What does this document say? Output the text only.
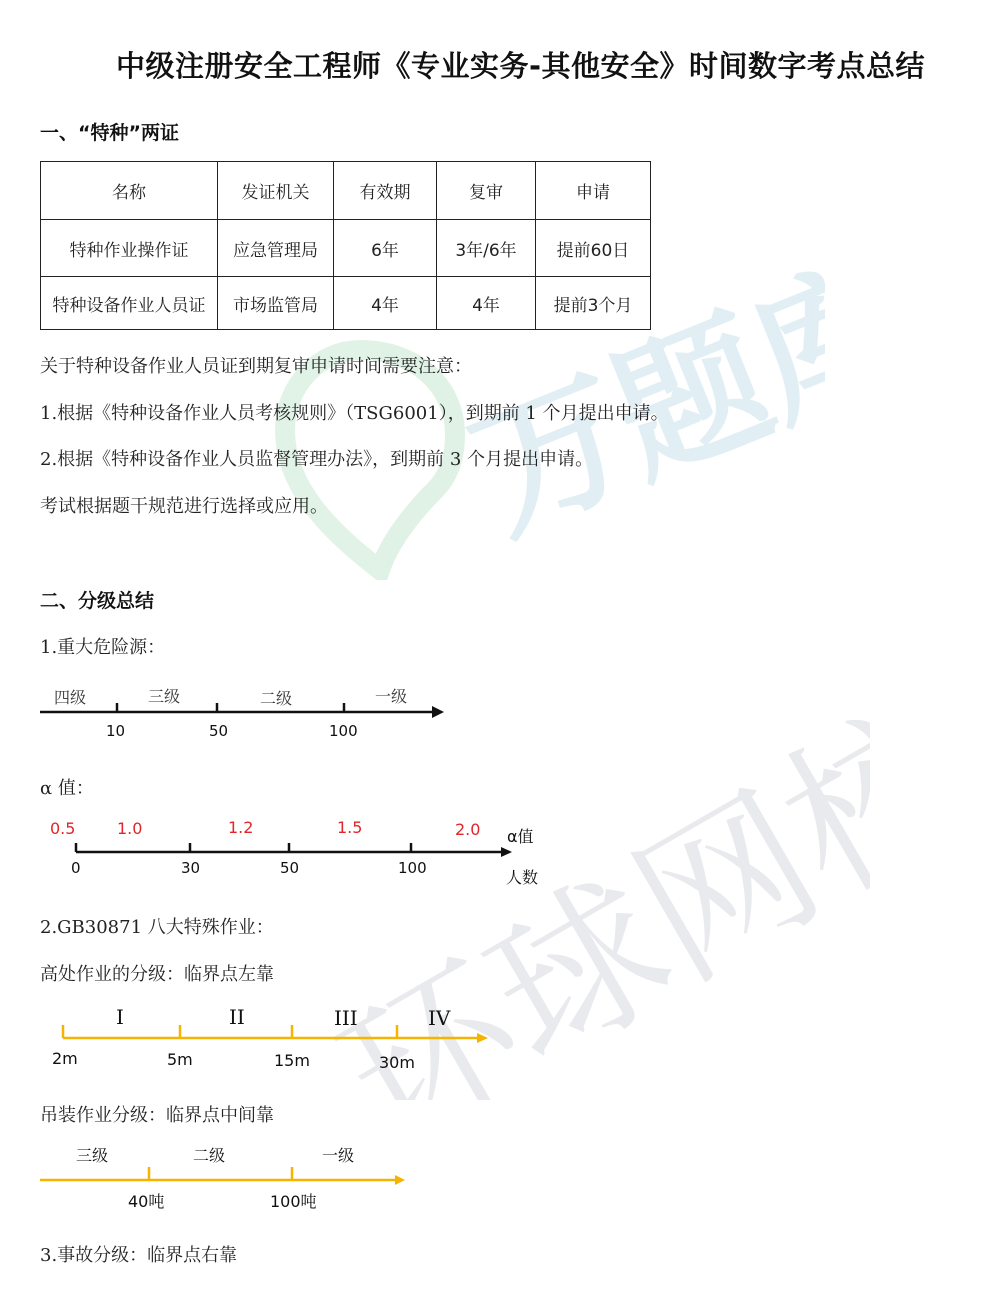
万题库
环球网校
中级注册安全工程师《专业实务-其他安全》时间数字考点总结
一、“特种”两证
名称	发证机关	有效期	复审	申请
特种作业操作证	应急管理局	6年	3年/6年	提前60日
特种设备作业人员证	市场监管局	4年	4年	提前3个月
关于特种设备作业人员证到期复审申请时间需要注意：
1.根据《特种设备作业人员考核规则》（TSG6001），到期前 1 个月提出申请。
2.根据《特种设备作业人员监督管理办法》，到期前 3 个月提出申请。
考试根据题干规范进行选择或应用。
二、分级总结
1.重大危险源：
四级	三级	二级	一级
10	50	100
α 值：
0.5	1.0	1.2	1.5	2.0 α值
0	30	50	100	人数
2.GB30871 八大特殊作业：
高处作业的分级：临界点左靠
I	II	III	IV
2m	5m	15m	30m
吊装作业分级：临界点中间靠
三级	二级	一级
40吨	100吨
3.事故分级：临界点右靠
